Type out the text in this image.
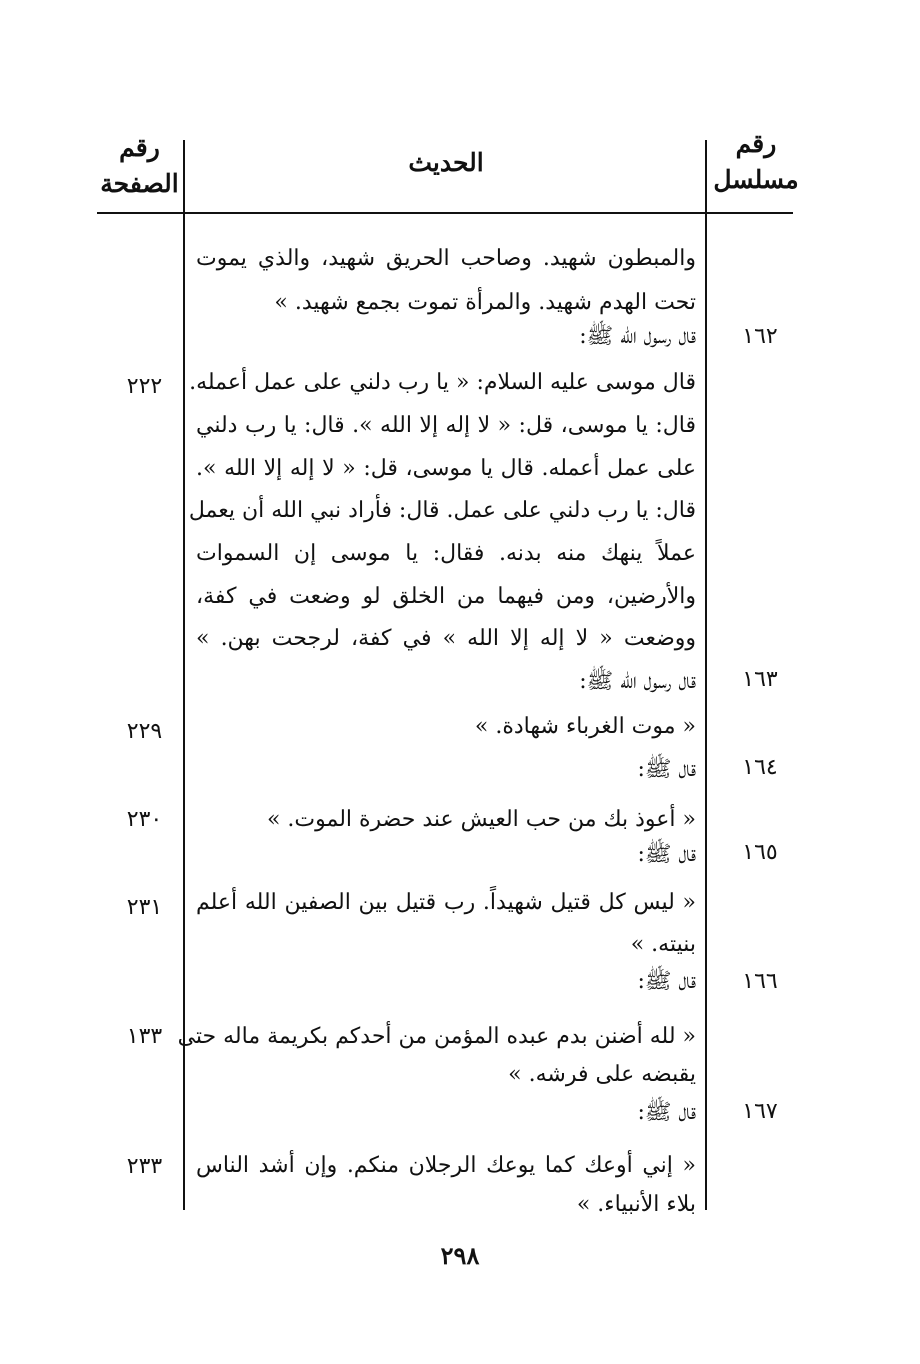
رقم
مسلسل
الحديث
رقم
الصفحة
والمبطون شهيد. وصاحب الحريق شهيد، والذي يموت
تحت الهدم شهيد. والمرأة تموت بجمع شهيد. »
قال رسول الله ﷺ:
قال موسى عليه السلام: « يا رب دلني على عمل أعمله.
قال: يا موسى، قل: « لا إله إلا الله ». قال: يا رب دلني
على عمل أعمله. قال يا موسى، قل: « لا إله إلا الله ».
قال: يا رب دلني على عمل. قال: فأراد نبي الله أن يعمل
عملاً ينهك منه بدنه. فقال: يا موسى إن السموات
والأرضين، ومن فيهما من الخلق لو وضعت في كفة،
ووضعت « لا إله إلا الله » في كفة، لرجحت بهن. »
قال رسول الله ﷺ:
« موت الغرباء شهادة. »
قال ﷺ:
« أعوذ بك من حب العيش عند حضرة الموت. »
قال ﷺ:
« ليس كل قتيل شهيداً. رب قتيل بين الصفين الله أعلم
بنيته. »
قال ﷺ:
« لله أضنن بدم عبده المؤمن من أحدكم بكريمة ماله حتى
يقبضه على فرشه. »
قال ﷺ:
« إني أوعك كما يوعك الرجلان منكم. وإن أشد الناس
بلاء الأنبياء. »
١٦٢
١٦٣
١٦٤
١٦٥
١٦٦
١٦٧
٢٢٢
٢٢٩
٢٣٠
٢٣١
١٣٣
٢٣٣
٢٩٨
